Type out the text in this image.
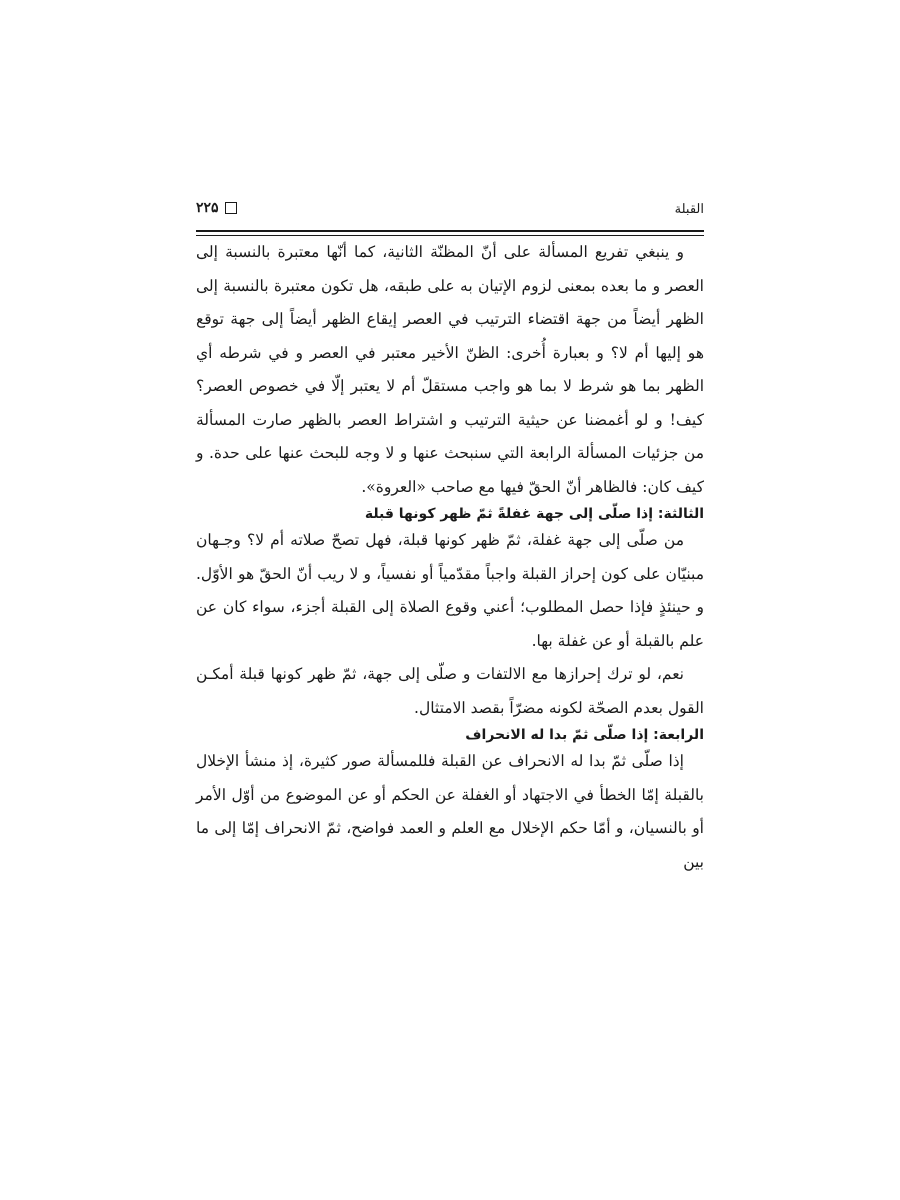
القبلة
۲۲۵

و ينبغي تفريع المسألة على أنّ المظنّة الثانية، كما أنّها معتبرة بالنسبة إلى العصر و ما بعده بمعنى لزوم الإتيان به على طبقه، هل تكون معتبرة بالنسبة إلى الظهر أيضاً من جهة اقتضاء الترتيب في العصر إيقاع الظهر أيضاً إلى جهة توقع هو إليها أم لا؟ و بعبارة أُخرى: الظنّ الأخير معتبر في العصر و في شرطه أي الظهر بما هو شرط لا بما هو واجب مستقلّ أم لا يعتبر إلّا في خصوص العصر؟ كيف! و لو أغمضنا عن حيثية الترتيب و اشتراط العصر بالظهر صارت المسألة من جزئيات المسألة الرابعة التي سنبحث عنها و لا وجه للبحث عنها على حدة. و كيف كان: فالظاهر أنّ الحقّ فيها مع صاحب «العروة».

الثالثة: إذا صلّى إلى جهة غفلةً ثمّ ظهر كونها قبلة

من صلّى إلى جهة غفلة، ثمّ ظهر كونها قبلة، فهل تصحّ صلاته أم لا؟ وجـهان مبنيّان على كون إحراز القبلة واجباً مقدّمياً أو نفسياً، و لا ريب أنّ الحقّ هو الأوّل. و حينئذٍ فإذا حصل المطلوب؛ أعني وقوع الصلاة إلى القبلة أجزء، سواء كان عن علم بالقبلة أو عن غفلة بها.

نعم، لو ترك إحرازها مع الالتفات و صلّى إلى جهة، ثمّ ظهر كونها قبلة أمكـن القول بعدم الصحّة لكونه مضرّاً بقصد الامتثال.

الرابعة: إذا صلّى ثمّ بدا له الانحراف

إذا صلّى ثمّ بدا له الانحراف عن القبلة فللمسألة صور كثيرة، إذ منشأ الإخلال بالقبلة إمّا الخطأ في الاجتهاد أو الغفلة عن الحكم أو عن الموضوع من أوّل الأمر أو بالنسيان، و أمّا حكم الإخلال مع العلم و العمد فواضح، ثمّ الانحراف إمّا إلى ما بين
